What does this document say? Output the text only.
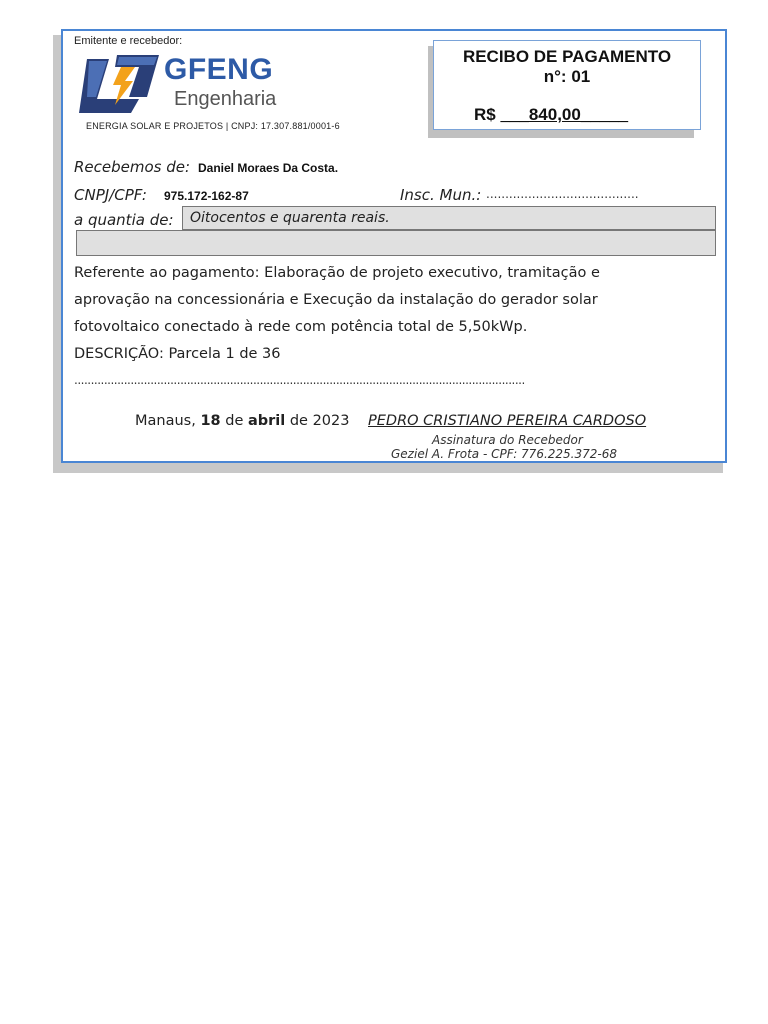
Emitente e recebedor:
GFENG
Engenharia
ENERGIA SOLAR E PROJETOS | CNPJ: 17.307.881/0001-6
RECIBO DE PAGAMENTO
n°: 01
R$ ___840,00_____
Recebemos de: Daniel Moraes Da Costa.
CNPJ/CPF: 975.172-162-87	Insc. Mun.: ........................................
a quantia de: Oitocentos e quarenta reais.
Referente ao pagamento: Elaboração de projeto executivo, tramitação e
aprovação na concessionária e Execução da instalação do gerador solar
fotovoltaico conectado à rede com potência total de 5,50kWp.
DESCRIÇÃO: Parcela 1 de 36
........................................................................................................................................
Manaus, 18 de abril de 2023 PEDRO CRISTIANO PEREIRA CARDOSO
Assinatura do Recebedor
Geziel A. Frota - CPF: 776.225.372-68
